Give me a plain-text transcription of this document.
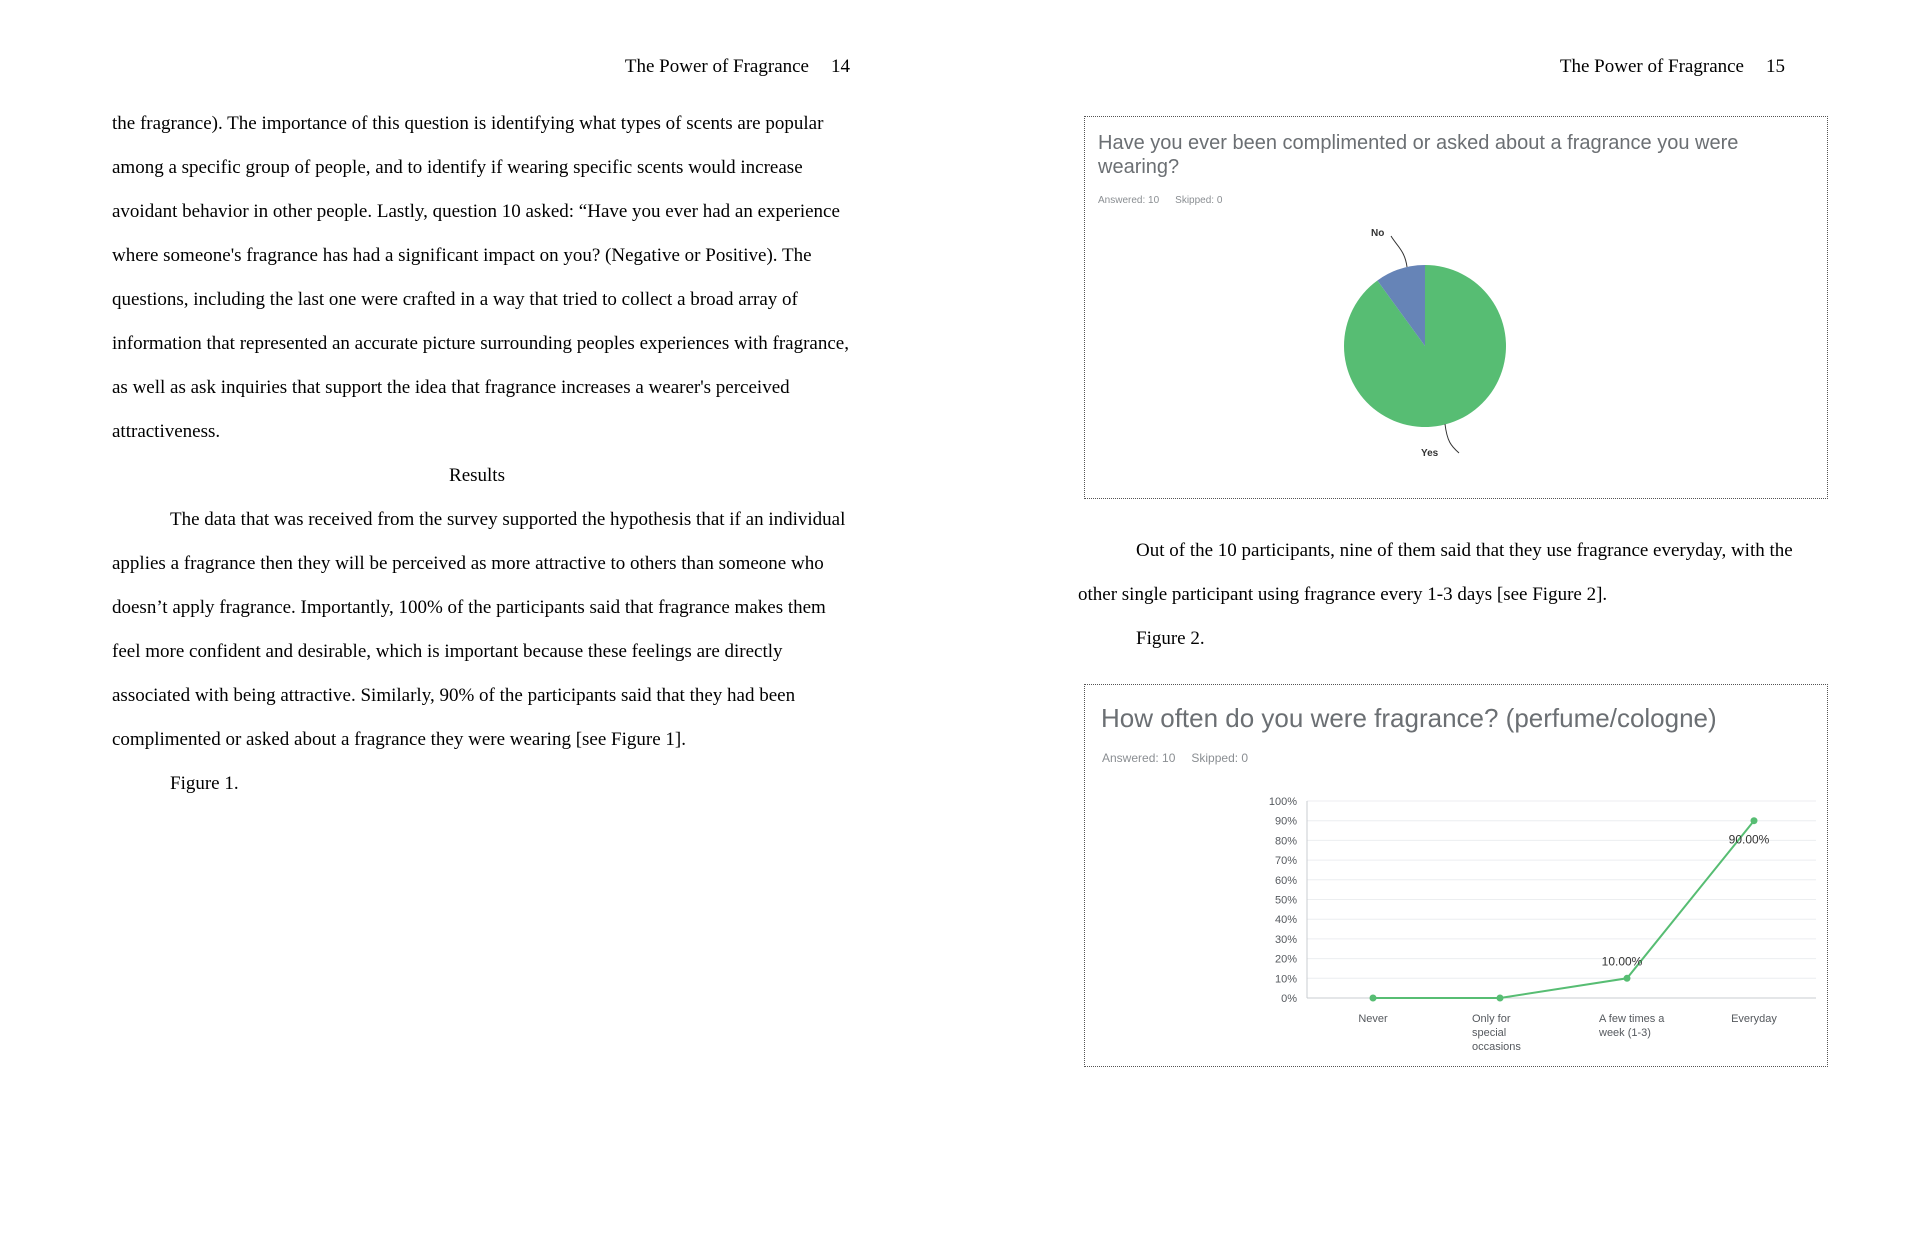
The Power of Fragrance 14
the fragrance). The importance of this question is identifying what types of scents are popular
among a specific group of people, and to identify if wearing specific scents would increase
avoidant behavior in other people. Lastly, question 10 asked: “Have you ever had an experience
where someone's fragrance has had a significant impact on you? (Negative or Positive). The
questions, including the last one were crafted in a way that tried to collect a broad array of
information that represented an accurate picture surrounding peoples experiences with fragrance,
as well as ask inquiries that support the idea that fragrance increases a wearer's perceived
attractiveness.
Results
The data that was received from the survey supported the hypothesis that if an individual
applies a fragrance then they will be perceived as more attractive to others than someone who
doesn’t apply fragrance. Importantly, 100% of the participants said that fragrance makes them
feel more confident and desirable, which is important because these feelings are directly
associated with being attractive. Similarly, 90% of the participants said that they had been
complimented or asked about a fragrance they were wearing [see Figure 1].
Figure 1.
The Power of Fragrance 15
Have you ever been complimented or asked about a fragrance you were wearing?
Answered: 10 Skipped: 0
No
Yes
Out of the 10 participants, nine of them said that they use fragrance everyday, with the
other single participant using fragrance every 1-3 days [see Figure 2].
Figure 2.
How often do you were fragrance? (perfume/cologne)
Answered: 10 Skipped: 0
0%
10%
20%
30%
40%
50%
60%
70%
80%
90%
100%
10.00%
90.00%
Never	Only for
special
occasions
A few times a
week (1-3)
Everyday
